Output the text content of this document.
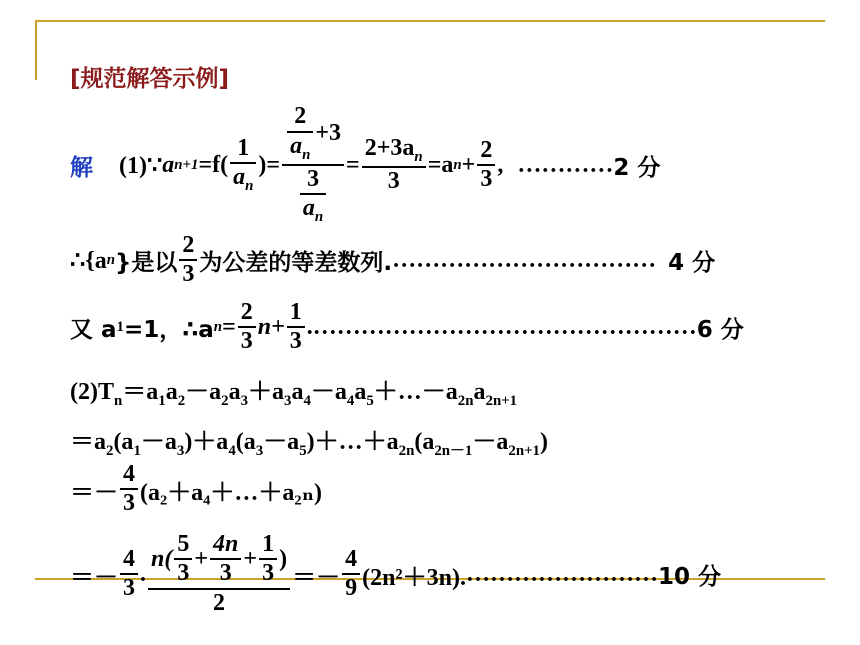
[规范解答示例]
解 (1)∵ a $n+1 =f( \frac{1}{a_n}$ )= $\frac{\frac{2}{a_n} +3}{\frac{3}{a_n}} = \frac{2+3a_n}{3} =a$ $n + \frac{2}{3}$ , ………… 2 分
∴{a n }是以 $\frac{2}{3}$ 为公差的等差数列. …………………………… 4 分
又 a 1 =1，∴a $n = \frac{2}{3} n+ \frac{1}{3}$ . ………………………………………… 6 分
$(2)T_n=a_1a_2-a_2a_3+a_3a_4-a_4a_5+\dots-a_{2n}a_{2n+1}$
$=a_2(a_1-a_3)+a_4(a_3-a_5)+\dots+a_{2n}(a_{2n-1}-a_{2n+1})$
＝－ $\frac{4}{3}$ (a₂＋a₄＋…＋a₂ₙ)
＝－ $\frac{4}{3}$ .
$n( \frac{5}{3} + \frac{4n}{3} + \frac{1}{3}$ )
2
＝－ $\frac{4}{9} (2n^2+3n)$. …………………… 10 分
